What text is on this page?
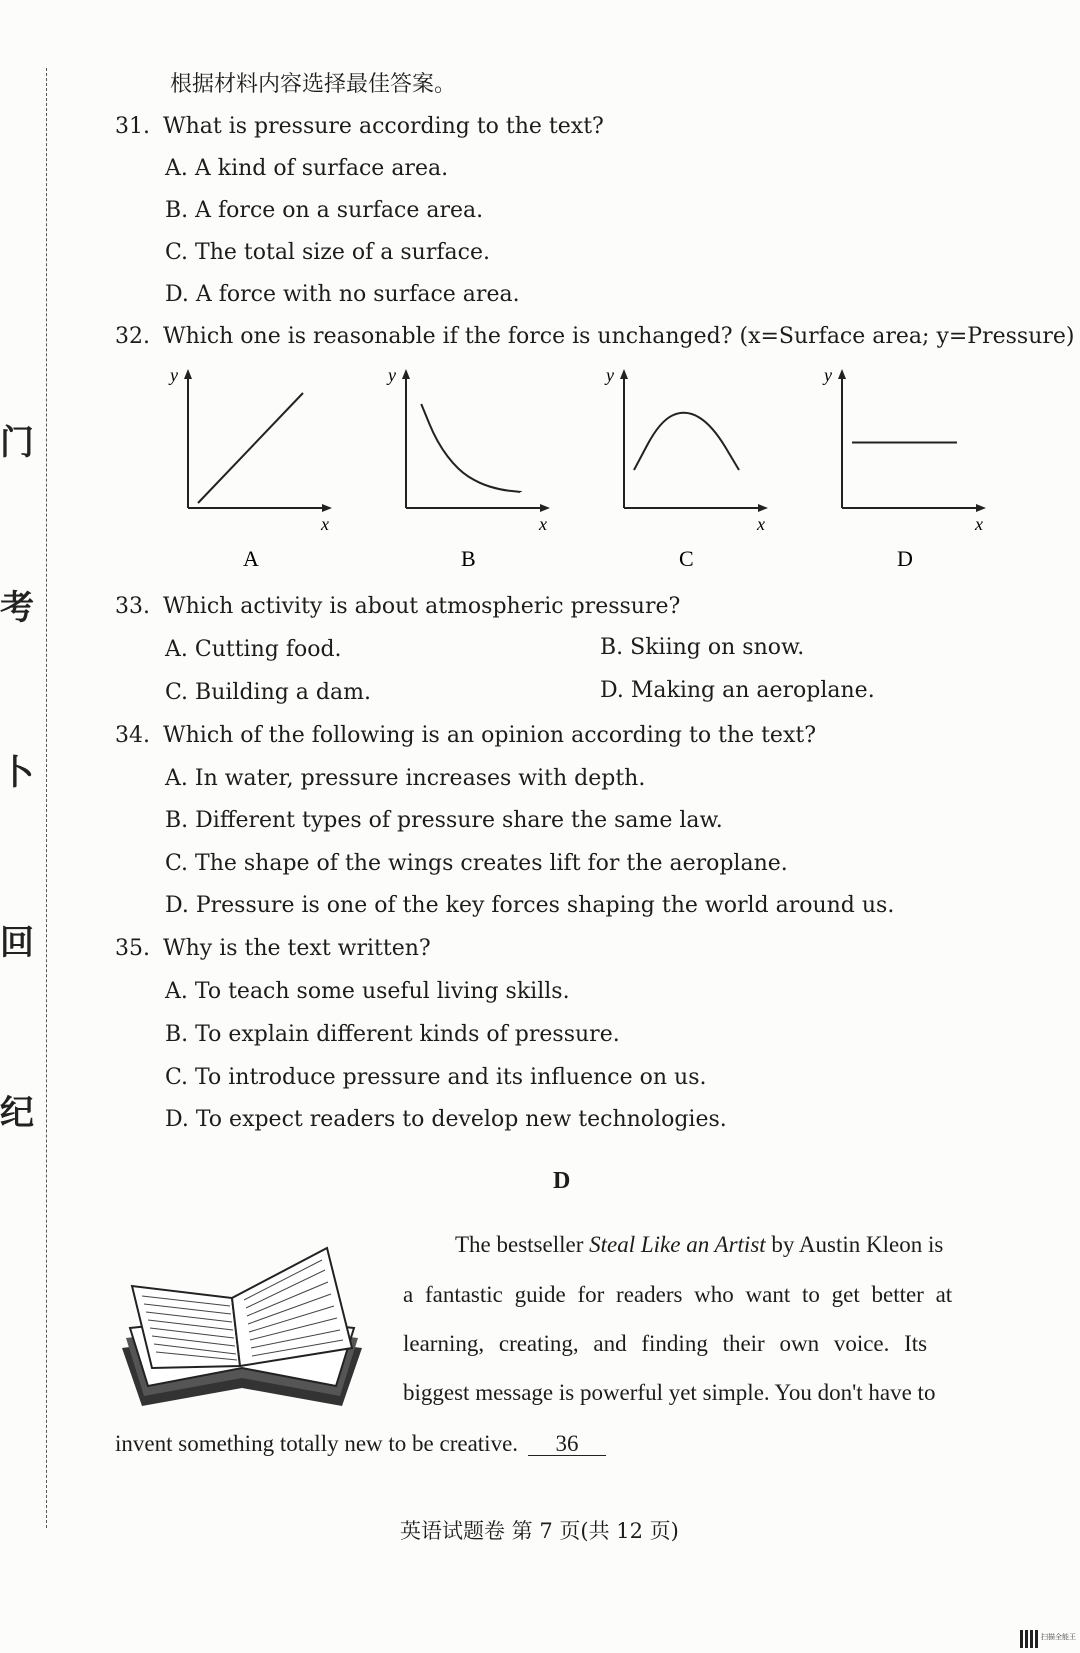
门
考
卜
回
纪
根据材料内容选择最佳答案。
31. What is pressure according to the text?
A. A kind of surface area.
B. A force on a surface area.
C. The total size of a surface.
D. A force with no surface area.
32. Which one is reasonable if the force is unchanged? (x=Surface area; y=Pressure)
y
x
A
y
x
B
y
x
C
y
x
D
33. Which activity is about atmospheric pressure?
A. Cutting food.	B. Skiing on snow.
C. Building a dam.	D. Making an aeroplane.
34. Which of the following is an opinion according to the text?
A. In water, pressure increases with depth.
B. Different types of pressure share the same law.
C. The shape of the wings creates lift for the aeroplane.
D. Pressure is one of the key forces shaping the world around us.
35. Why is the text written?
A. To teach some useful living skills.
B. To explain different kinds of pressure.
C. To introduce pressure and its influence on us.
D. To expect readers to develop new technologies.
D
The bestseller Steal Like an Artist by Austin Kleon is
a fantastic guide for readers who want to get better at
learning, creating, and finding their own voice. Its
biggest message is powerful yet simple. You don't have to
invent something totally new to be creative. 36
英语试题卷 第 7 页(共 12 页)
扫描全能王
